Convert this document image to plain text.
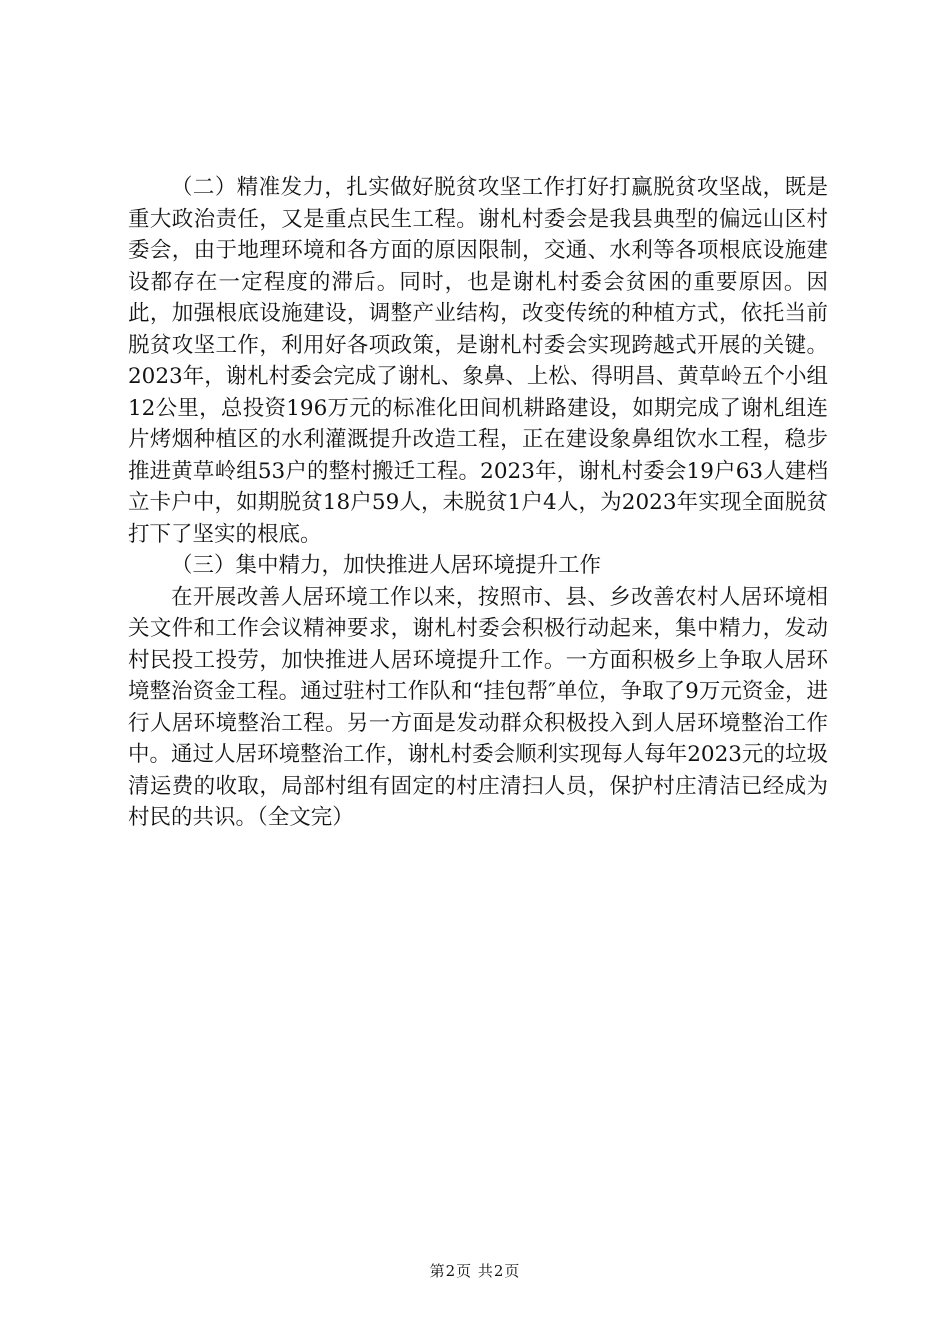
（二）精准发力，扎实做好脱贫攻坚工作打好打赢脱贫攻坚战，既是重大政治责任，又是重点民生工程。谢札村委会是我县典型的偏远山区村委会，由于地理环境和各方面的原因限制，交通、水利等各项根底设施建设都存在一定程度的滞后。同时，也是谢札村委会贫困的重要原因。因此，加强根底设施建设，调整产业结构，改变传统的种植方式，依托当前脱贫攻坚工作，利用好各项政策，是谢札村委会实现跨越式开展的关键。2023年，谢札村委会完成了谢札、象鼻、上松、得明昌、黄草岭五个小组12公里，总投资196万元的标准化田间机耕路建设，如期完成了谢札组连片烤烟种植区的水利灌溉提升改造工程，正在建设象鼻组饮水工程，稳步推进黄草岭组53户的整村搬迁工程。2023年，谢札村委会19户63人建档立卡户中，如期脱贫18户59人，未脱贫1户4人，为2023年实现全面脱贫打下了坚实的根底。

（三）集中精力，加快推进人居环境提升工作

在开展改善人居环境工作以来，按照市、县、乡改善农村人居环境相关文件和工作会议精神要求，谢札村委会积极行动起来，集中精力，发动村民投工投劳，加快推进人居环境提升工作。一方面积极乡上争取人居环境整治资金工程。通过驻村工作队和“挂包帮″单位，争取了9万元资金，进行人居环境整治工程。另一方面是发动群众积极投入到人居环境整治工作中。通过人居环境整治工作，谢札村委会顺利实现每人每年2023元的垃圾清运费的收取，局部村组有固定的村庄清扫人员，保护村庄清洁已经成为村民的共识。（全文完）

第2页 共2页
